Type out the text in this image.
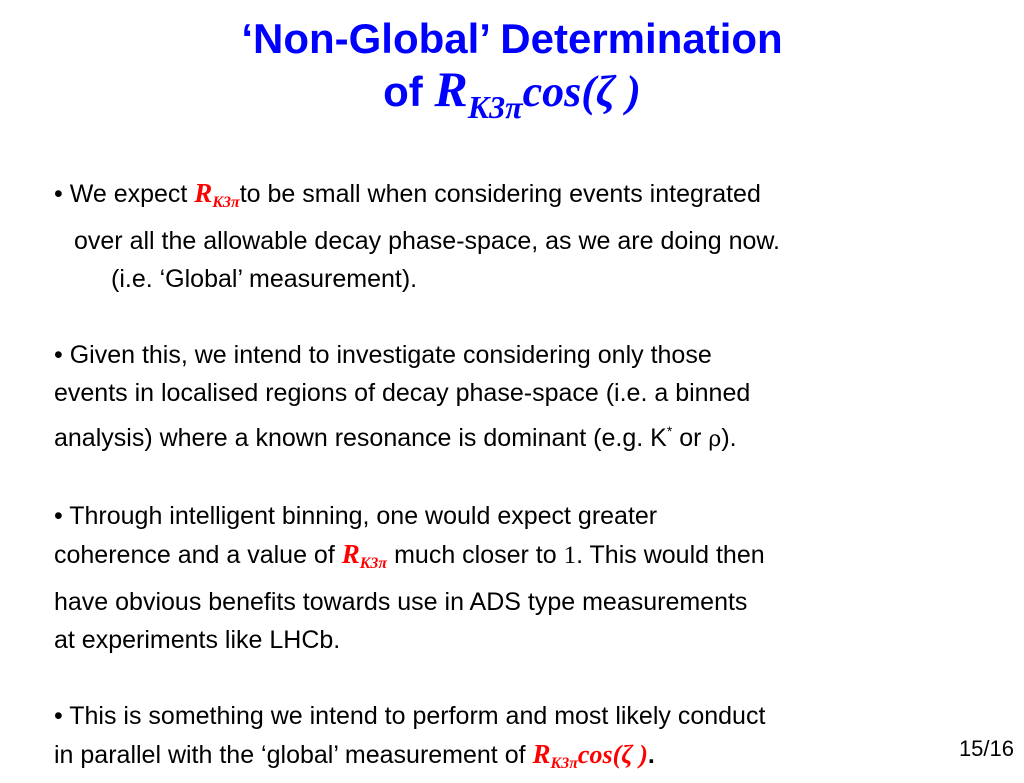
‘Non-Global’ Determination
of $R_{K3\pi}\cos(\zeta$ )
• We expect $R_{K3\pi}to$ be small when considering events integrated
over all the allowable decay phase-space, as we are doing now.
(i.e. ‘Global’ measurement).
• Given this, we intend to investigate considering only those
events in localised regions of decay phase-space (i.e. a binned
analysis) where a known resonance is dominant (e.g. K* or ρ).
• Through intelligent binning, one would expect greater
coherence and a value of $R_{K3\pi}$ much closer to 1. This would then
have obvious benefits towards use in ADS type measurements
at experiments like LHCb.
• This is something we intend to perform and most likely conduct
in parallel with the ‘global’ measurement of $R_{K3\pi}\cos(\zeta$ ).	15/16
